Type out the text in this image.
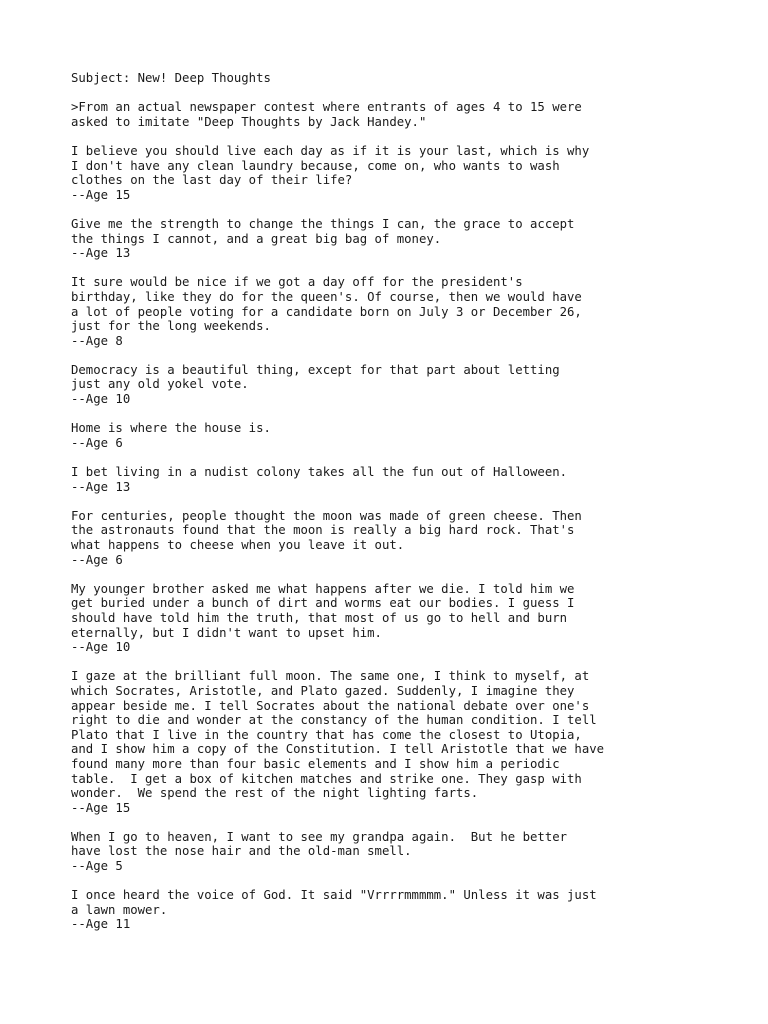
Subject: New! Deep Thoughts
>From an actual newspaper contest where entrants of ages 4 to 15 were
asked to imitate "Deep Thoughts by Jack Handey."
I believe you should live each day as if it is your last, which is why
I don't have any clean laundry because, come on, who wants to wash
clothes on the last day of their life?
--Age 15
Give me the strength to change the things I can, the grace to accept
the things I cannot, and a great big bag of money.
--Age 13
It sure would be nice if we got a day off for the president's
birthday, like they do for the queen's. Of course, then we would have
a lot of people voting for a candidate born on July 3 or December 26,
just for the long weekends.
--Age 8
Democracy is a beautiful thing, except for that part about letting
just any old yokel vote.
--Age 10
Home is where the house is.
--Age 6
I bet living in a nudist colony takes all the fun out of Halloween.
--Age 13
For centuries, people thought the moon was made of green cheese. Then
the astronauts found that the moon is really a big hard rock. That's
what happens to cheese when you leave it out.
--Age 6
My younger brother asked me what happens after we die. I told him we
get buried under a bunch of dirt and worms eat our bodies. I guess I
should have told him the truth, that most of us go to hell and burn
eternally, but I didn't want to upset him.
--Age 10
I gaze at the brilliant full moon. The same one, I think to myself, at
which Socrates, Aristotle, and Plato gazed. Suddenly, I imagine they
appear beside me. I tell Socrates about the national debate over one's
right to die and wonder at the constancy of the human condition. I tell
Plato that I live in the country that has come the closest to Utopia,
and I show him a copy of the Constitution. I tell Aristotle that we have
found many more than four basic elements and I show him a periodic
table.  I get a box of kitchen matches and strike one. They gasp with
wonder.  We spend the rest of the night lighting farts.
--Age 15
When I go to heaven, I want to see my grandpa again.  But he better
have lost the nose hair and the old-man smell.
--Age 5
I once heard the voice of God. It said "Vrrrrmmmmm." Unless it was just
a lawn mower.
--Age 11
